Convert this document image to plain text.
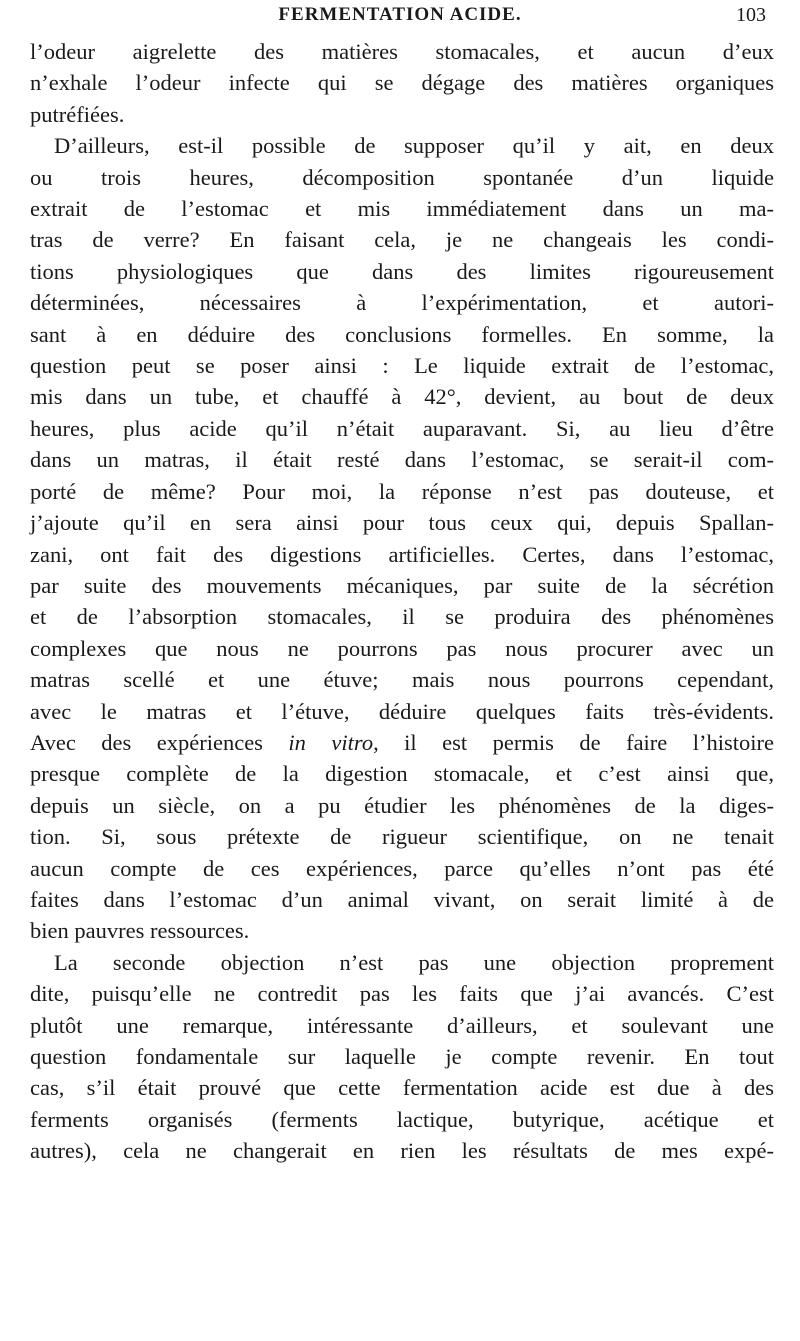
FERMENTATION ACIDE.	103

l’odeur aigrelette des matières stomacales, et aucun d’eux
n’exhale l’odeur infecte qui se dégage des matières organiques
putréfiées.

D’ailleurs, est-il possible de supposer qu’il y ait, en deux
ou trois heures, décomposition spontanée d’un liquide
extrait de l’estomac et mis immédiatement dans un ma-
tras de verre? En faisant cela, je ne changeais les condi-
tions physiologiques que dans des limites rigoureusement
déterminées, nécessaires à l’expérimentation, et autori-
sant à en déduire des conclusions formelles. En somme, la
question peut se poser ainsi : Le liquide extrait de l’estomac,
mis dans un tube, et chauffé à 42°, devient, au bout de deux
heures, plus acide qu’il n’était auparavant. Si, au lieu d’être
dans un matras, il était resté dans l’estomac, se serait-il com-
porté de même? Pour moi, la réponse n’est pas douteuse, et
j’ajoute qu’il en sera ainsi pour tous ceux qui, depuis Spallan-
zani, ont fait des digestions artificielles. Certes, dans l’estomac,
par suite des mouvements mécaniques, par suite de la sécrétion
et de l’absorption stomacales, il se produira des phénomènes
complexes que nous ne pourrons pas nous procurer avec un
matras scellé et une étuve; mais nous pourrons cependant,
avec le matras et l’étuve, déduire quelques faits très-évidents.
Avec des expériences in vitro, il est permis de faire l’histoire
presque complète de la digestion stomacale, et c’est ainsi que,
depuis un siècle, on a pu étudier les phénomènes de la diges-
tion. Si, sous prétexte de rigueur scientifique, on ne tenait
aucun compte de ces expériences, parce qu’elles n’ont pas été
faites dans l’estomac d’un animal vivant, on serait limité à de
bien pauvres ressources.

La seconde objection n’est pas une objection proprement
dite, puisqu’elle ne contredit pas les faits que j’ai avancés. C’est
plutôt une remarque, intéressante d’ailleurs, et soulevant une
question fondamentale sur laquelle je compte revenir. En tout
cas, s’il était prouvé que cette fermentation acide est due à des
ferments organisés (ferments lactique, butyrique, acétique et
autres), cela ne changerait en rien les résultats de mes expé-
